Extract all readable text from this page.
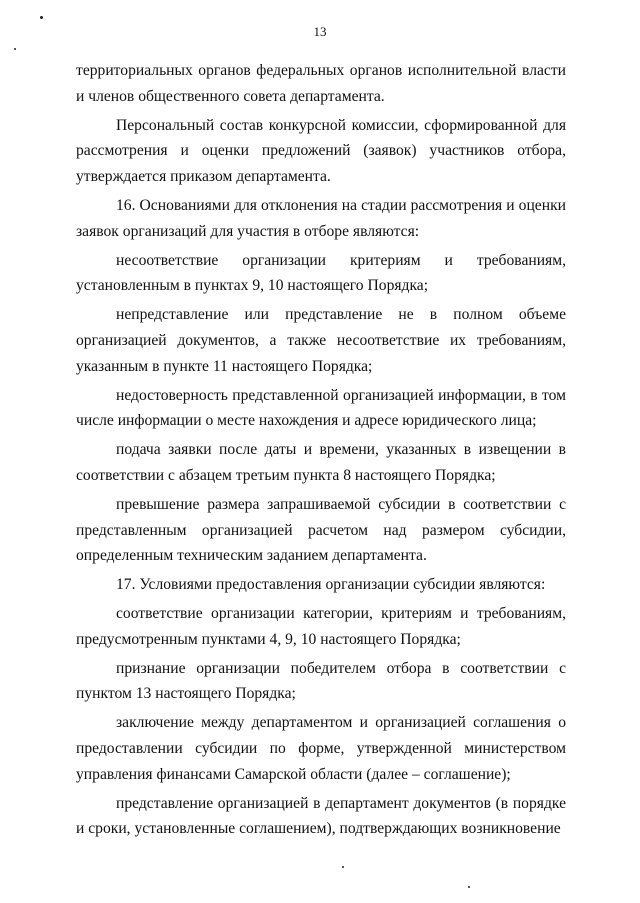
13

территориальных органов федеральных органов исполнительной власти и членов общественного совета департамента.

Персональный состав конкурсной комиссии, сформированной для рассмотрения и оценки предложений (заявок) участников отбора, утверждается приказом департамента.

16. Основаниями для отклонения на стадии рассмотрения и оценки заявок организаций для участия в отборе являются:

несоответствие организации критериям и требованиям, установленным в пунктах 9, 10 настоящего Порядка;

непредставление или представление не в полном объеме организацией документов, а также несоответствие их требованиям, указанным в пункте 11 настоящего Порядка;

недостоверность представленной организацией информации, в том числе информации о месте нахождения и адресе юридического лица;

подача заявки после даты и времени, указанных в извещении в соответствии с абзацем третьим пункта 8 настоящего Порядка;

превышение размера запрашиваемой субсидии в соответствии с представленным организацией расчетом над размером субсидии, определенным техническим заданием департамента.

17. Условиями предоставления организации субсидии являются:

соответствие организации категории, критериям и требованиям, предусмотренным пунктами 4, 9, 10 настоящего Порядка;

признание организации победителем отбора в соответствии с пунктом 13 настоящего Порядка;

заключение между департаментом и организацией соглашения о предоставлении субсидии по форме, утвержденной министерством управления финансами Самарской области (далее – соглашение);

представление организацией в департамент документов (в порядке и сроки, установленные соглашением), подтверждающих возникновение
